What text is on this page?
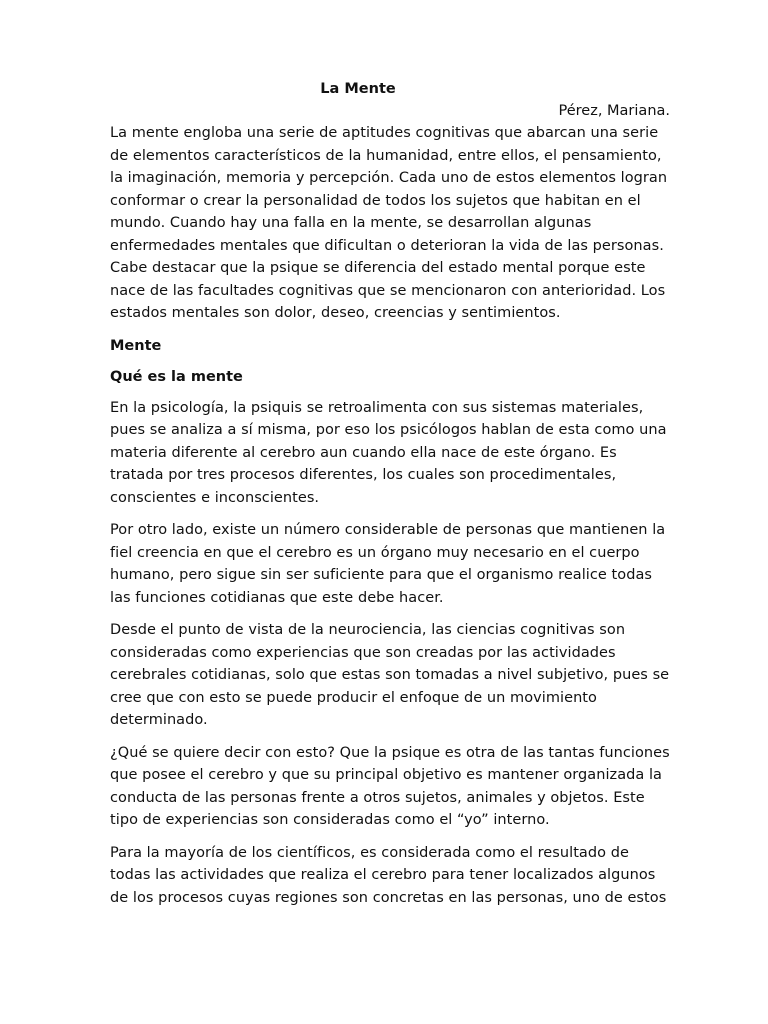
La Mente

Pérez, Mariana.

La mente engloba una serie de aptitudes cognitivas que abarcan una serie
de elementos característicos de la humanidad, entre ellos, el pensamiento,
la imaginación, memoria y percepción. Cada uno de estos elementos logran
conformar o crear la personalidad de todos los sujetos que habitan en el
mundo. Cuando hay una falla en la mente, se desarrollan algunas
enfermedades mentales que dificultan o deterioran la vida de las personas.
Cabe destacar que la psique se diferencia del estado mental porque este
nace de las facultades cognitivas que se mencionaron con anterioridad. Los
estados mentales son dolor, deseo, creencias y sentimientos.

Mente

Qué es la mente

En la psicología, la psiquis se retroalimenta con sus sistemas materiales,
pues se analiza a sí misma, por eso los psicólogos hablan de esta como una
materia diferente al cerebro aun cuando ella nace de este órgano. Es
tratada por tres procesos diferentes, los cuales son procedimentales,
conscientes e inconscientes.

Por otro lado, existe un número considerable de personas que mantienen la
fiel creencia en que el cerebro es un órgano muy necesario en el cuerpo
humano, pero sigue sin ser suficiente para que el organismo realice todas
las funciones cotidianas que este debe hacer.

Desde el punto de vista de la neurociencia, las ciencias cognitivas son
consideradas como experiencias que son creadas por las actividades
cerebrales cotidianas, solo que estas son tomadas a nivel subjetivo, pues se
cree que con esto se puede producir el enfoque de un movimiento
determinado.

¿Qué se quiere decir con esto? Que la psique es otra de las tantas funciones
que posee el cerebro y que su principal objetivo es mantener organizada la
conducta de las personas frente a otros sujetos, animales y objetos. Este
tipo de experiencias son consideradas como el “yo” interno.

Para la mayoría de los científicos, es considerada como el resultado de
todas las actividades que realiza el cerebro para tener localizados algunos
de los procesos cuyas regiones son concretas en las personas, uno de estos
